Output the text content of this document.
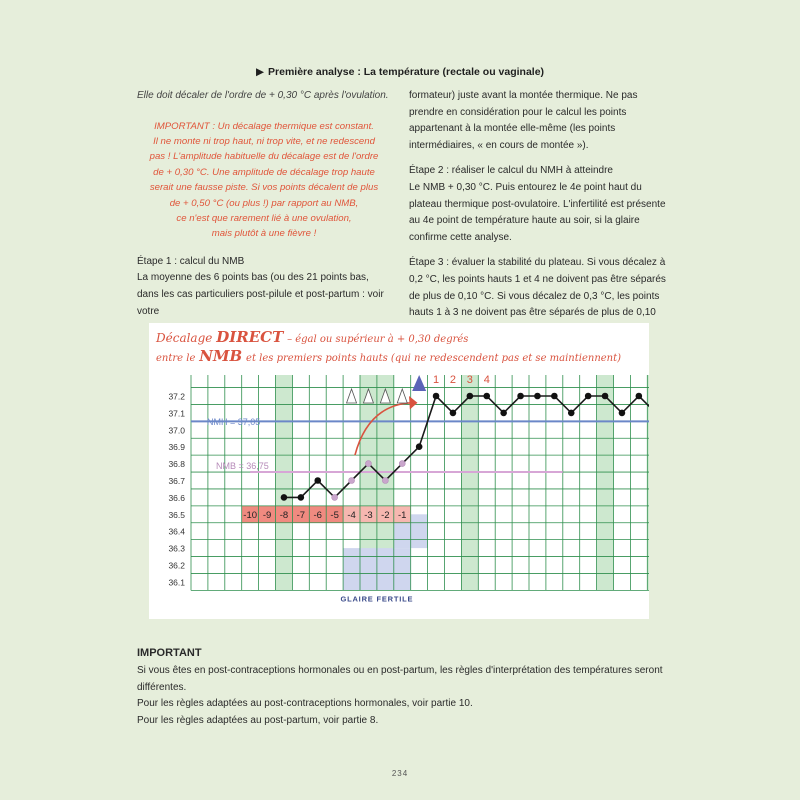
▶ Première analyse : La température (rectale ou vaginale)
Elle doit décaler de l'ordre de + 0,30 °C après l'ovulation.
IMPORTANT : Un décalage thermique est constant.
Il ne monte ni trop haut, ni trop vite, et ne redescend
pas ! L'amplitude habituelle du décalage est de l'ordre
de + 0,30 °C. Une amplitude de décalage trop haute
serait une fausse piste. Si vos points décalent de plus
de + 0,50 °C (ou plus !) par rapport au NMB,
ce n'est que rarement lié à une ovulation,
mais plutôt à une fièvre !
Étape 1 : calcul du NMB
La moyenne des 6 points bas (ou des 21 points bas, dans les cas particuliers post-pilule et post-partum : voir votre
formateur) juste avant la montée thermique. Ne pas prendre en considération pour le calcul les points appartenant à la montée elle-même (les points intermédiaires, « en cours de montée »).
Étape 2 : réaliser le calcul du NMH à atteindre
Le NMB + 0,30 °C. Puis entourez le 4e point haut du plateau thermique post-ovulatoire. L'infertilité est présente au 4e point de température haute au soir, si la glaire confirme cette analyse.
Étape 3 : évaluer la stabilité du plateau. Si vous décalez à 0,2 °C, les points hauts 1 et 4 ne doivent pas être séparés de plus de 0,10 °C. Si vous décalez de 0,3 °C, les points hauts 1 à 3 ne doivent pas être séparés de plus de 0,10
Décalage DIRECT – égal ou supérieur à + 0,30 degrés
entre le NMB et les premiers points hauts (qui ne redescendent pas et se maintiennent)
-10 -9 -8 -7 -6 -5 -4 -3 -2 -1
37.2
37.1
37.0
36.9
36.8
36.7
36.6
36.5
36.4
36.3
36.2
36.1
NMH = 37,05
NMB = 36,75
1 2 3 4
GLAIRE FERTILE
IMPORTANT
Si vous êtes en post-contraceptions hormonales ou en post-partum, les règles d'interprétation des températures seront différentes.
Pour les règles adaptées au post-contraceptions hormonales, voir partie 10.
Pour les règles adaptées au post-partum, voir partie 8.
234
